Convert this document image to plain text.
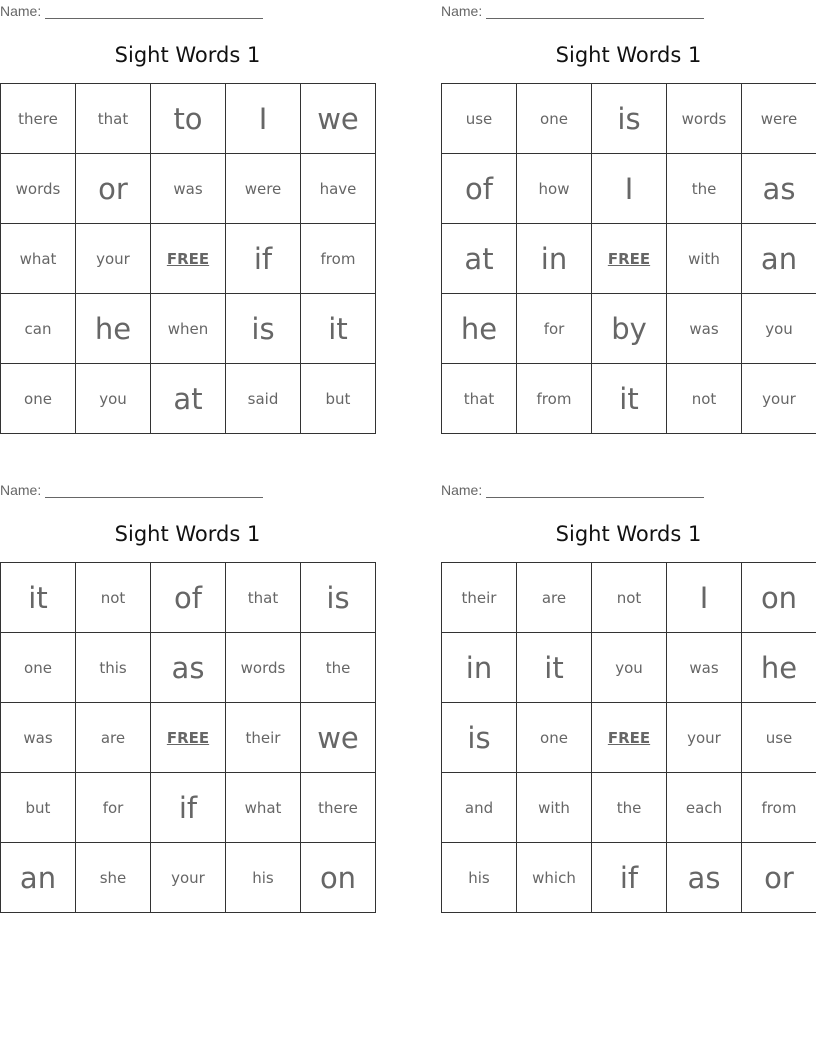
Name:
Sight Words 1
there	that	to	I	we
words	or	was	were	have
what	your	FREE	if	from
can	he	when	is	it
one	you	at	said	but
Name:
Sight Words 1
use	one	is	words	were
of	how	I	the	as
at	in	FREE	with	an
he	for	by	was	you
that	from	it	not	your
Name:
Sight Words 1
it	not	of	that	is
one	this	as	words	the
was	are	FREE	their	we
but	for	if	what	there
an	she	your	his	on
Name:
Sight Words 1
their	are	not	I	on
in	it	you	was	he
is	one	FREE	your	use
and	with	the	each	from
his	which	if	as	or
